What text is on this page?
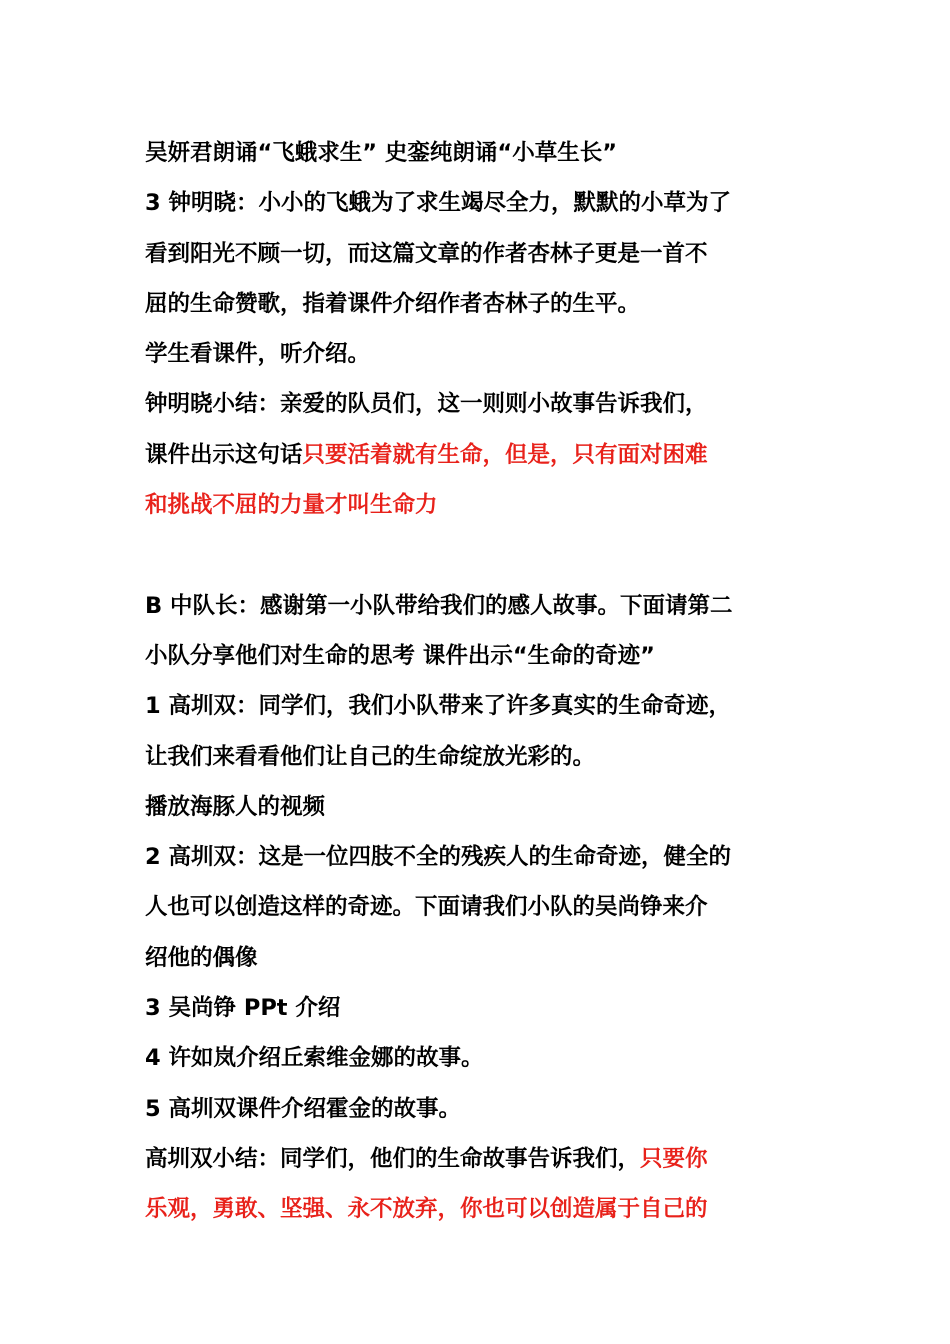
吴妍君朗诵“飞蛾求生” 史銮纯朗诵“小草生长”
3 钟明晓：小小的飞蛾为了求生竭尽全力，默默的小草为了
看到阳光不顾一切，而这篇文章的作者杏林子更是一首不
屈的生命赞歌，指着课件介绍作者杏林子的生平。
学生看课件，听介绍。
钟明晓小结：亲爱的队员们，这一则则小故事告诉我们，
课件出示这句话只要活着就有生命，但是，只有面对困难
和挑战不屈的力量才叫生命力
B 中队长：感谢第一小队带给我们的感人故事。下面请第二
小队分享他们对生命的思考 课件出示“生命的奇迹”
1 高圳双：同学们，我们小队带来了许多真实的生命奇迹，
让我们来看看他们让自己的生命绽放光彩的。
播放海豚人的视频
2 高圳双：这是一位四肢不全的残疾人的生命奇迹，健全的
人也可以创造这样的奇迹。下面请我们小队的吴尚铮来介
绍他的偶像
3 吴尚铮 PPt 介绍
4 许如岚介绍丘索维金娜的故事。
5 高圳双课件介绍霍金的故事。
高圳双小结：同学们，他们的生命故事告诉我们，只要你
乐观，勇敢、坚强、永不放弃，你也可以创造属于自己的
